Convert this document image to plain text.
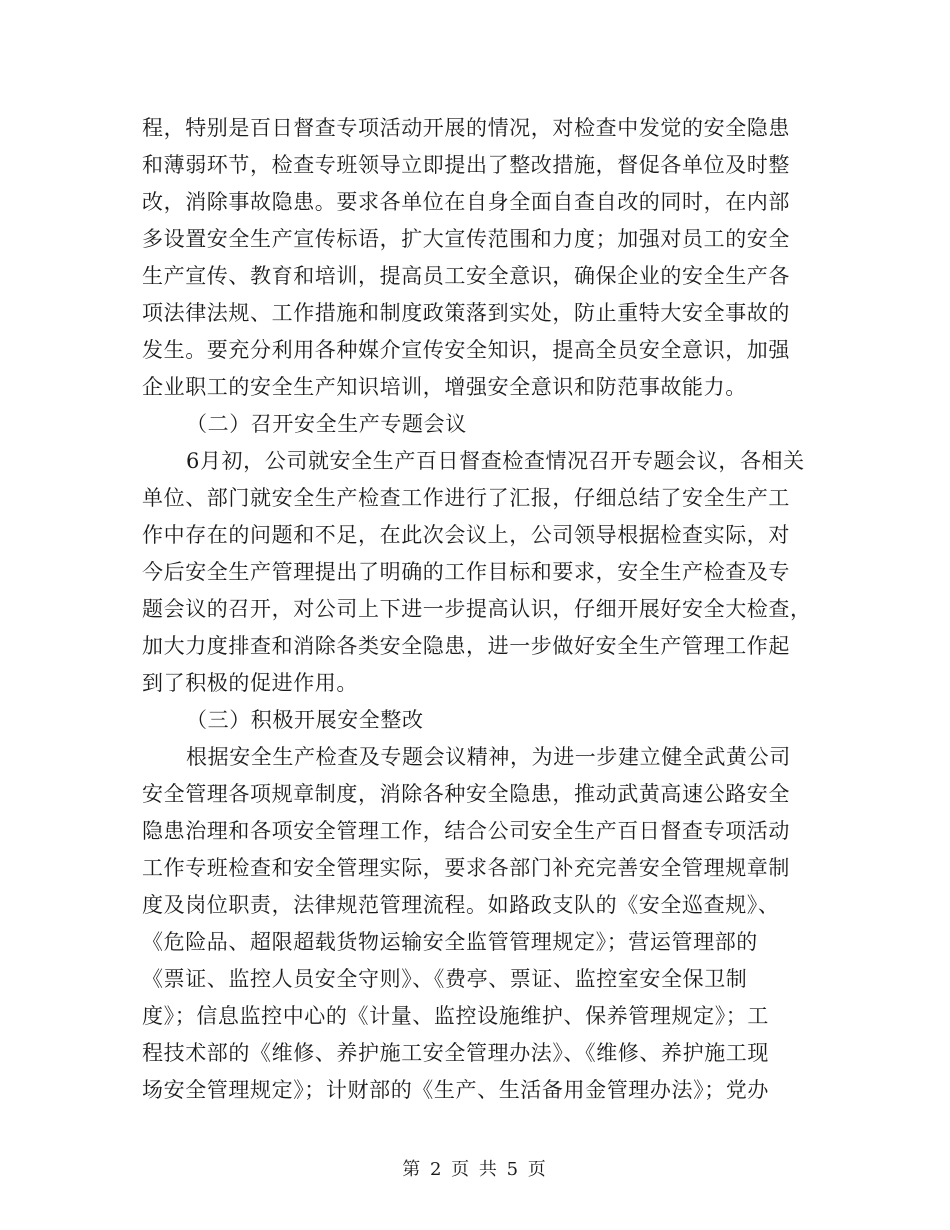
程，特别是百日督查专项活动开展的情况，对检查中发觉的安全隐患
和薄弱环节，检查专班领导立即提出了整改措施，督促各单位及时整
改，消除事故隐患。要求各单位在自身全面自查自改的同时，在内部
多设置安全生产宣传标语，扩大宣传范围和力度；加强对员工的安全
生产宣传、教育和培训，提高员工安全意识，确保企业的安全生产各
项法律法规、工作措施和制度政策落到实处，防止重特大安全事故的
发生。要充分利用各种媒介宣传安全知识，提高全员安全意识，加强
企业职工的安全生产知识培训，增强安全意识和防范事故能力。
（二）召开安全生产专题会议
6月初，公司就安全生产百日督查检查情况召开专题会议，各相关
单位、部门就安全生产检查工作进行了汇报，仔细总结了安全生产工
作中存在的问题和不足，在此次会议上，公司领导根据检查实际，对
今后安全生产管理提出了明确的工作目标和要求，安全生产检查及专
题会议的召开，对公司上下进一步提高认识，仔细开展好安全大检查，
加大力度排查和消除各类安全隐患，进一步做好安全生产管理工作起
到了积极的促进作用。
（三）积极开展安全整改
根据安全生产检查及专题会议精神，为进一步建立健全武黄公司
安全管理各项规章制度，消除各种安全隐患，推动武黄高速公路安全
隐患治理和各项安全管理工作，结合公司安全生产百日督查专项活动
工作专班检查和安全管理实际，要求各部门补充完善安全管理规章制
度及岗位职责，法律规范管理流程。如路政支队的《安全巡查规》、
《危险品、超限超载货物运输安全监管管理规定》；营运管理部的
《票证、监控人员安全守则》、《费亭、票证、监控室安全保卫制
度》；信息监控中心的《计量、监控设施维护、保养管理规定》；工
程技术部的《维修、养护施工安全管理办法》、《维修、养护施工现
场安全管理规定》；计财部的《生产、生活备用金管理办法》；党办
第 2 页 共 5 页
